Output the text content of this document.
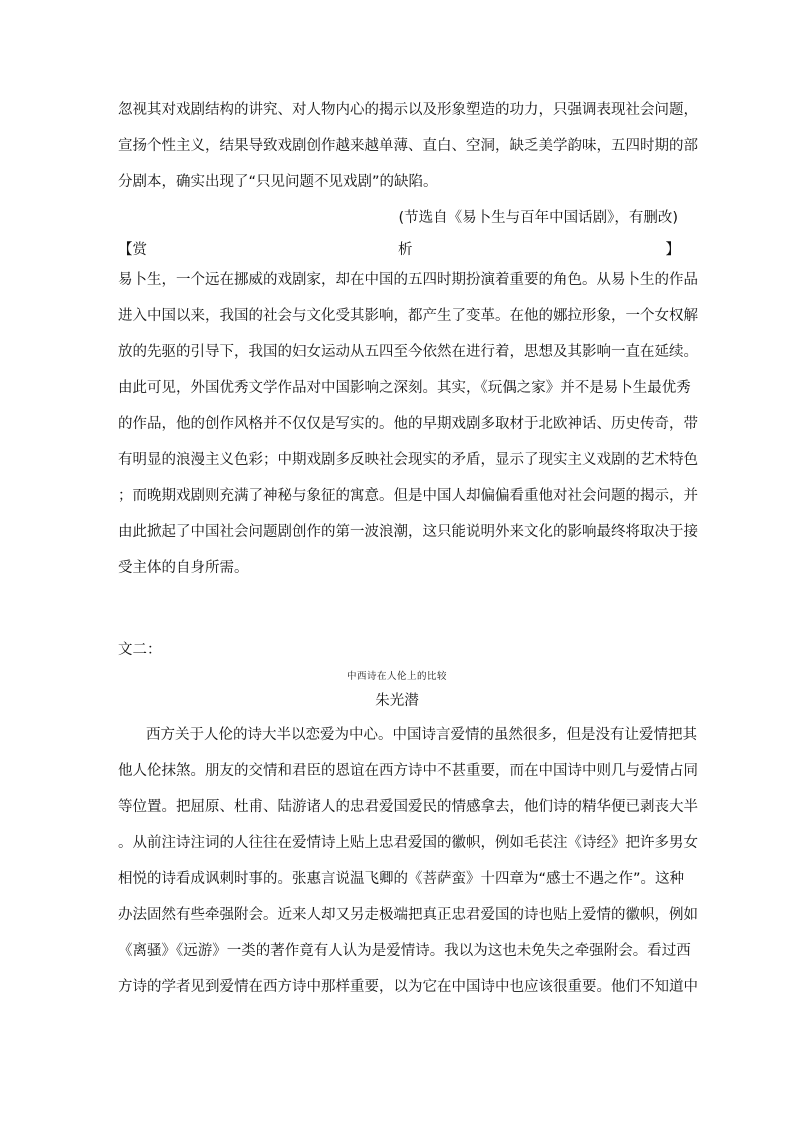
忽视其对戏剧结构的讲究、对人物内心的揭示以及形象塑造的功力，只强调表现社会问题，
宣扬个性主义，结果导致戏剧创作越来越单薄、直白、空洞，缺乏美学韵味，五四时期的部
分剧本，确实出现了“只见问题不见戏剧”的缺陷。
(节选自《易卜生与百年中国话剧》，有删改)
【赏	析	】
易卜生，一个远在挪威的戏剧家，却在中国的五四时期扮演着重要的角色。从易卜生的作品
进入中国以来，我国的社会与文化受其影响，都产生了变革。在他的娜拉形象，一个女权解
放的先驱的引导下，我国的妇女运动从五四至今依然在进行着，思想及其影响一直在延续。
由此可见，外国优秀文学作品对中国影响之深刻。其实，《玩偶之家》并不是易卜生最优秀
的作品，他的创作风格并不仅仅是写实的。他的早期戏剧多取材于北欧神话、历史传奇，带
有明显的浪漫主义色彩；中期戏剧多反映社会现实的矛盾，显示了现实主义戏剧的艺术特色
；而晚期戏剧则充满了神秘与象征的寓意。但是中国人却偏偏看重他对社会问题的揭示，并
由此掀起了中国社会问题剧创作的第一波浪潮，这只能说明外来文化的影响最终将取决于接
受主体的自身所需。
文二：
中西诗在人伦上的比较
朱光潜
西方关于人伦的诗大半以恋爱为中心。中国诗言爱情的虽然很多，但是没有让爱情把其
他人伦抹煞。朋友的交情和君臣的恩谊在西方诗中不甚重要，而在中国诗中则几与爱情占同
等位置。把屈原、杜甫、陆游诸人的忠君爱国爱民的情感拿去，他们诗的精华便已剥丧大半
。从前注诗注词的人往往在爱情诗上贴上忠君爱国的徽帜，例如毛苌注《诗经》把许多男女
相悦的诗看成讽刺时事的。张惠言说温飞卿的《菩萨蛮》十四章为“感士不遇之作”。这种
办法固然有些牵强附会。近来人却又另走极端把真正忠君爱国的诗也贴上爱情的徽帜，例如
《离骚》《远游》一类的著作竟有人认为是爱情诗。我以为这也未免失之牵强附会。看过西
方诗的学者见到爱情在西方诗中那样重要，以为它在中国诗中也应该很重要。他们不知道中
